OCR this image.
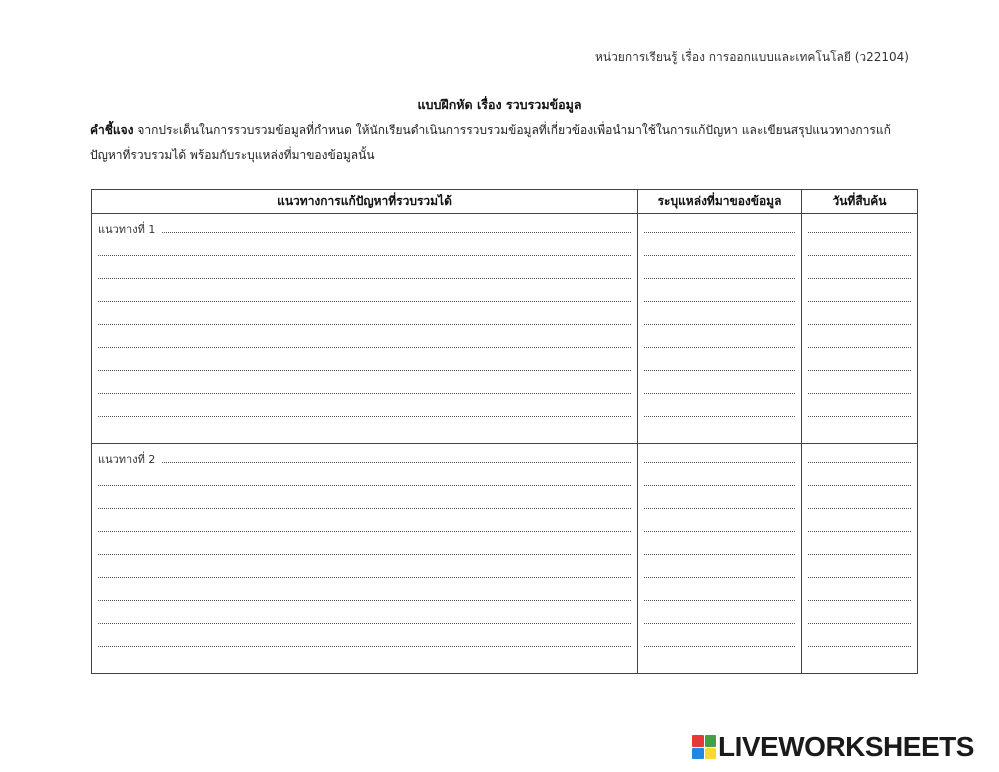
หน่วยการเรียนรู้ เรื่อง การออกแบบและเทคโนโลยี (ว22104)
แบบฝึกหัด เรื่อง รวบรวมข้อมูล
คำชี้แจง จากประเด็นในการรวบรวมข้อมูลที่กำหนด ให้นักเรียนดำเนินการรวบรวมข้อมูลที่เกี่ยวข้องเพื่อนำมาใช้ในการแก้ปัญหา และเขียนสรุปแนวทางการแก้ปัญหาที่รวบรวมได้ พร้อมกับระบุแหล่งที่มาของข้อมูลนั้น
แนวทางการแก้ปัญหาที่รวบรวมได้	ระบุแหล่งที่มาของข้อมูล	วันที่สืบค้น

แนวทางที่ 1		

แนวทางที่ 2		

LIVEWORKSHEETS
